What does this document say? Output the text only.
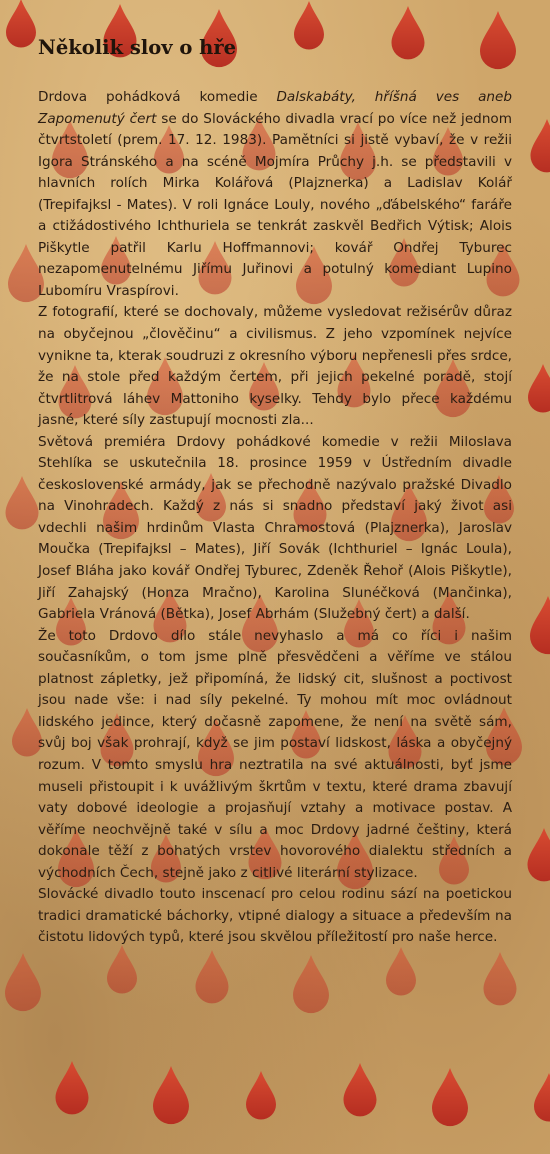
Několik slov o hře

Drdova pohádková komedie Dalskabáty, hříšná ves aneb Zapomenutý čert se do Slováckého divadla vrací po více než jednom čtvrtstoletí (prem. 17. 12. 1983). Pamětníci si jistě vybaví, že v režii Igora Stránského a na scéně Mojmíra Průchy j.h. se představili v hlavních rolích Mirka Kolářová (Plajznerka) a Ladislav Kolář (Trepifajksl - Mates). V roli Ignáce Louly, nového „ďábelského“ faráře a ctižádostivého Ichthuriela se tenkrát zaskvěl Bedřich Výtisk; Alois Piškytle patřil Karlu Hoffmannovi; kovář Ondřej Tyburec nezapomenutelnému Jiřímu Juřinovi a potulný komediant Lupino Lubomíru Vraspírovi.

Z fotografií, které se dochovaly, můžeme vysledovat režisérův důraz na obyčejnou „člověčinu“ a civilismus. Z jeho vzpomínek nejvíce vynikne ta, kterak soudruzi z okresního výboru nepřenesli přes srdce, že na stole před každým čertem, při jejich pekelné poradě, stojí čtvrtlitrová láhev Mattoniho kyselky. Tehdy bylo přece každému jasné, které síly zastupují mocnosti zla...

Světová premiéra Drdovy pohádkové komedie v režii Miloslava Stehlíka se uskutečnila 18. prosince 1959 v Ústředním divadle československé armády, jak se přechodně nazývalo pražské Divadlo na Vinohradech. Každý z nás si snadno představí jaký život asi vdechli našim hrdinům Vlasta Chramostová (Plajznerka), Jaroslav Moučka (Trepifajksl – Mates), Jiří Sovák (Ichthuriel – Ignác Loula), Josef Bláha jako kovář Ondřej Tyburec, Zdeněk Řehoř (Alois Piškytle), Jiří Zahajský (Honza Mračno), Karolina Slunéčková (Mančinka), Gabriela Vránová (Bětka), Josef Abrhám (Služebný čert) a další.

Že toto Drdovo dílo stále nevyhaslo a má co říci i našim současníkům, o tom jsme plně přesvědčeni a věříme ve stálou platnost zápletky, jež připomíná, že lidský cit, slušnost a poctivost jsou nade vše: i nad síly pekelné. Ty mohou mít moc ovládnout lidského jedince, který dočasně zapomene, že není na světě sám, svůj boj však prohrají, když se jim postaví lidskost, láska a obyčejný rozum. V tomto smyslu hra neztratila na své aktuálnosti, byť jsme museli přistoupit i k uvážlivým škrtům v textu, které drama zbavují vaty dobové ideologie a projasňují vztahy a motivace postav. A věříme neochvějně také v sílu a moc Drdovy jadrné češtiny, která dokonale těží z bohatých vrstev hovorového dialektu středních a východních Čech, stejně jako z citlivé literární stylizace.

Slovácké divadlo touto inscenací pro celou rodinu sází na poetickou tradici dramatické báchorky, vtipné dialogy a situace a především na čistotu lidových typů, které jsou skvělou příležitostí pro naše herce.
